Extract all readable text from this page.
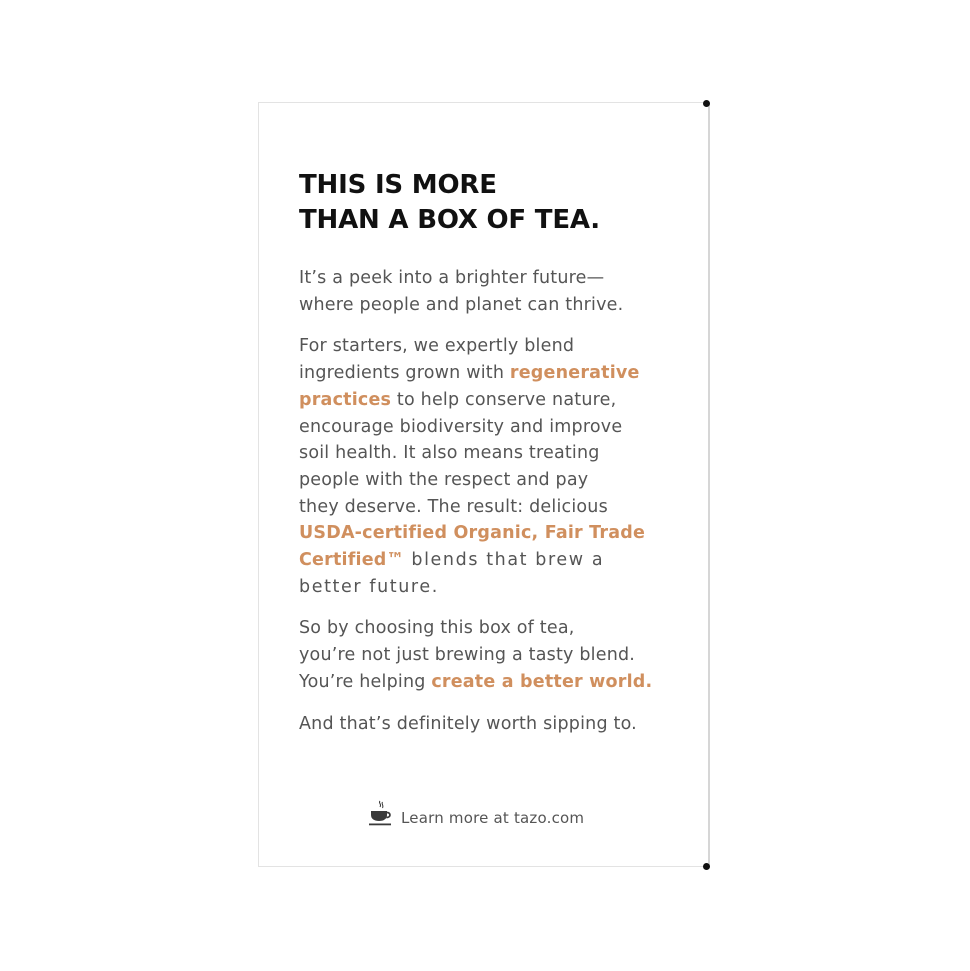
THIS IS MORE
THAN A BOX OF TEA.

It’s a peek into a brighter future—
where people and planet can thrive.

For starters, we expertly blend
ingredients grown with regenerative
practices to help conserve nature,
encourage biodiversity and improve
soil health. It also means treating
people with the respect and pay
they deserve. The result: delicious
USDA-certified Organic, Fair Trade
Certified™ blends that brew a
better future.

So by choosing this box of tea,
you’re not just brewing a tasty blend.
You’re helping create a better world.

And that’s definitely worth sipping to.

Learn more at tazo.com
